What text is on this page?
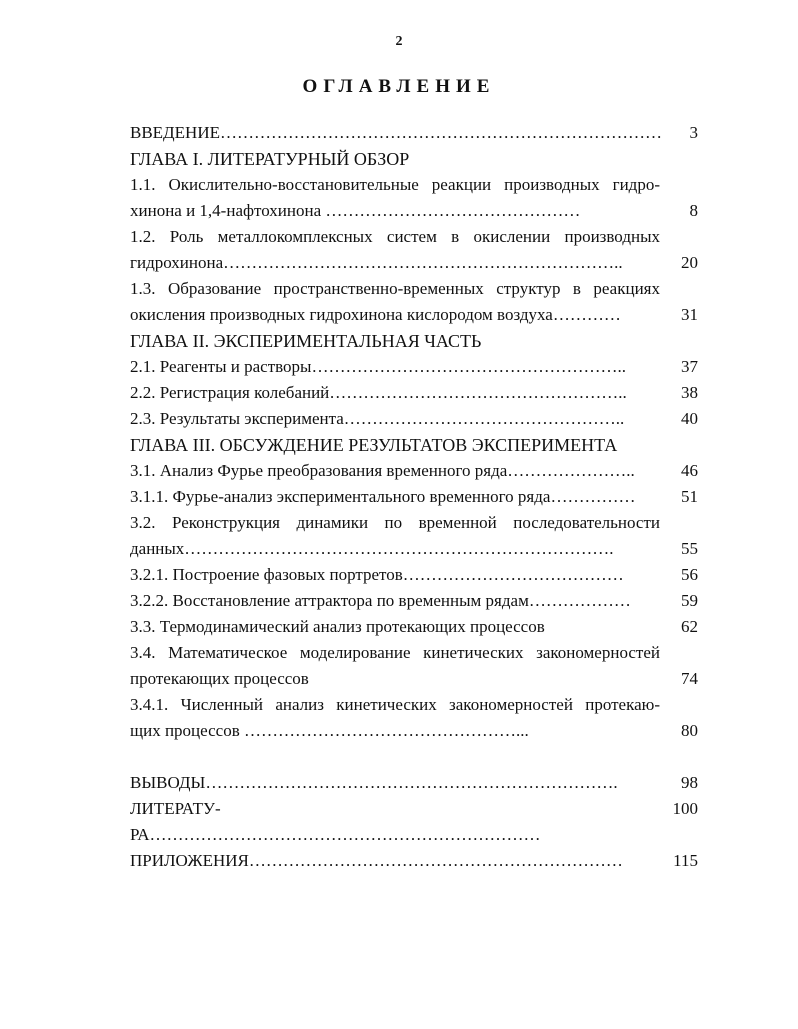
2
ОГЛАВЛЕНИЕ
ВВЕДЕНИЕ…………………………………………………………………… 3
ГЛАВА I. ЛИТЕРАТУРНЫЙ ОБЗОР
1.1. Окислительно-восстановительные реакции производных гидро-
хинона и 1,4-нафтохинона ………………………………………	8
1.2. Роль металлокомплексных систем в окислении производных
гидрохинона……………………………………………………………..	20
1.3. Образование пространственно-временных структур в реакциях
окисления производных гидрохинона кислородом воздуха…………	31
ГЛАВА II. ЭКСПЕРИМЕНТАЛЬНАЯ ЧАСТЬ
2.1. Реагенты и растворы………………………………………………..	37
2.2. Регистрация колебаний……………………………………………..	38
2.3. Результаты эксперимента…………………………………………..	40
ГЛАВА III. ОБСУЖДЕНИЕ РЕЗУЛЬТАТОВ ЭКСПЕРИМЕНТА
3.1. Анализ Фурье преобразования временного ряда…………………..	46
3.1.1. Фурье-анализ экспериментального временного ряда……………	51
3.2. Реконструкция динамики по временной последовательности
данных………………………………………………………………….	55
3.2.1. Построение фазовых портретов…………………………………	56
3.2.2. Восстановление аттрактора по временным рядам………………	59
3.3. Термодинамический анализ протекающих процессов	62
3.4. Математическое моделирование кинетических закономерностей
протекающих процессов	74
3.4.1. Численный анализ кинетических закономерностей протекаю-
щих процессов …………………………………………...	80
ВЫВОДЫ……………………………………………………………….	98
ЛИТЕРАТУ-	100
РА……………………………………………………………
ПРИЛОЖЕНИЯ…………………………………………………………	115
